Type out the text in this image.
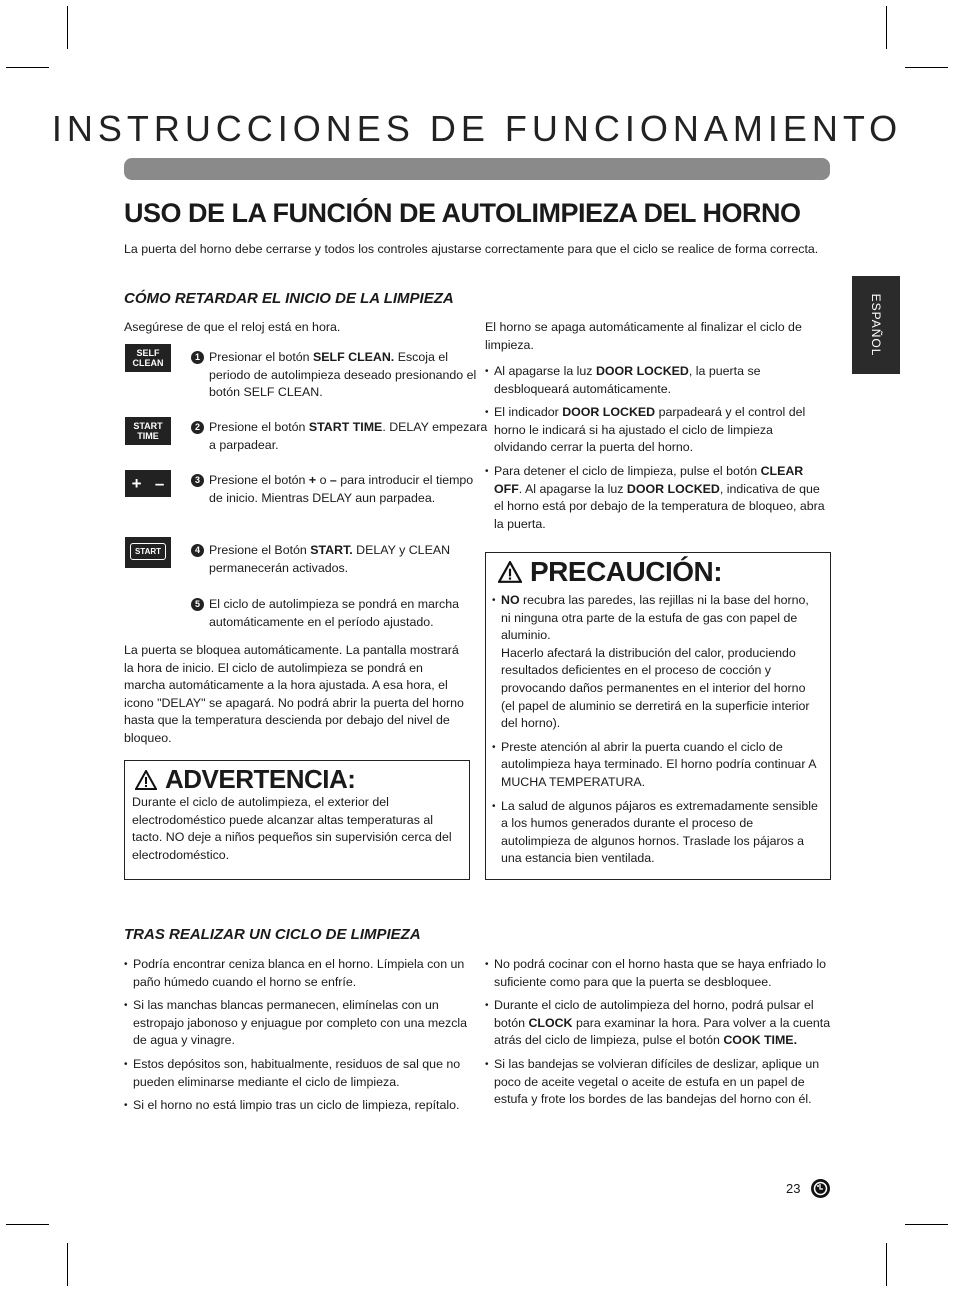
INSTRUCCIONES DE FUNCIONAMIENTO
ESPAÑOL
USO DE LA FUNCIÓN DE AUTOLIMPIEZA DEL HORNO
La puerta del horno debe cerrarse y todos los controles ajustarse correctamente para que el ciclo se realice de forma correcta.
CÓMO RETARDAR EL INICIO DE LA LIMPIEZA
Asegúrese de que el reloj está en hora.
SELF
CLEAN
START
TIME
+ –
START
1 Presionar el botón SELF CLEAN. Escoja el periodo de autolimpieza deseado presionando el botón SELF CLEAN.
2 Presione el botón START TIME. DELAY empezara a parpadear.
3 Presione el botón + o – para introducir el tiempo de inicio. Mientras DELAY aun parpadea.
4 Presione el Botón START. DELAY y CLEAN permanecerán activados.
5 El ciclo de autolimpieza se pondrá en marcha automáticamente en el período ajustado.
La puerta se bloquea automáticamente. La pantalla mostrará la hora de inicio. El ciclo de autolimpieza se pondrá en marcha automáticamente a la hora ajustada. A esa hora, el icono "DELAY" se apagará. No podrá abrir la puerta del horno hasta que la temperatura descienda por debajo del nivel de bloqueo.
ADVERTENCIA:
Durante el ciclo de autolimpieza, el exterior del electrodoméstico puede alcanzar altas temperaturas al tacto. NO deje a niños pequeños sin supervisión cerca del electrodoméstico.
El horno se apaga automáticamente al finalizar el ciclo de limpieza.
• Al apagarse la luz DOOR LOCKED, la puerta se desbloqueará automáticamente.
• El indicador DOOR LOCKED parpadeará y el control del horno le indicará si ha ajustado el ciclo de limpieza olvidando cerrar la puerta del horno.
• Para detener el ciclo de limpieza, pulse el botón CLEAR OFF. Al apagarse la luz DOOR LOCKED, indicativa de que el horno está por debajo de la temperatura de bloqueo, abra la puerta.
PRECAUCIÓN:
• NO recubra las paredes, las rejillas ni la base del horno, ni ninguna otra parte de la estufa de gas con papel de aluminio.
Hacerlo afectará la distribución del calor, produciendo resultados deficientes en el proceso de cocción y provocando daños permanentes en el interior del horno (el papel de aluminio se derretirá en la superficie interior del horno).
• Preste atención al abrir la puerta cuando el ciclo de autolimpieza haya terminado. El horno podría continuar A MUCHA TEMPERATURA.
• La salud de algunos pájaros es extremadamente sensible a los humos generados durante el proceso de autolimpieza de algunos hornos. Traslade los pájaros a una estancia bien ventilada.
TRAS REALIZAR UN CICLO DE LIMPIEZA
• Podría encontrar ceniza blanca en el horno. Límpiela con un paño húmedo cuando el horno se enfríe.
• Si las manchas blancas permanecen, elimínelas con un estropajo jabonoso y enjuague por completo con una mezcla de agua y vinagre.
• Estos depósitos son, habitualmente, residuos de sal que no pueden eliminarse mediante el ciclo de limpieza.
• Si el horno no está limpio tras un ciclo de limpieza, repítalo.
• No podrá cocinar con el horno hasta que se haya enfriado lo suficiente como para que la puerta se desbloquee.
• Durante el ciclo de autolimpieza del horno, podrá pulsar el botón CLOCK para examinar la hora. Para volver a la cuenta atrás del ciclo de limpieza, pulse el botón COOK TIME.
• Si las bandejas se volvieran difíciles de deslizar, aplique un poco de aceite vegetal o aceite de estufa en un papel de estufa y frote los bordes de las bandejas del horno con él.
23
